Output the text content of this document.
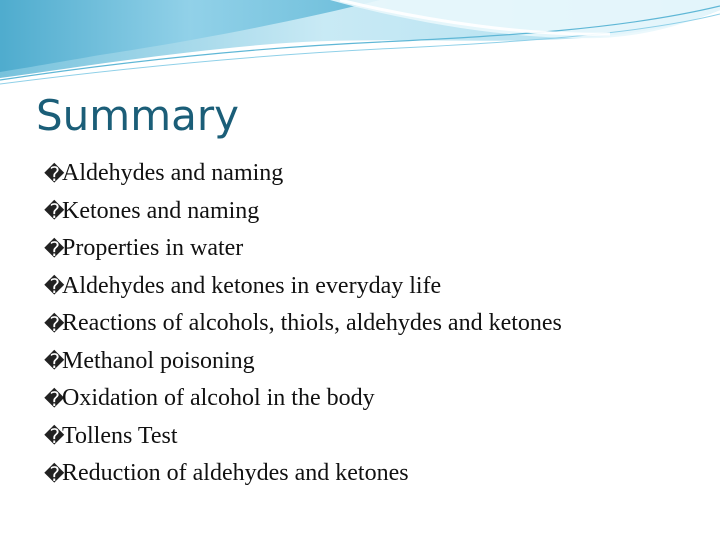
Summary
�
Aldehydes and naming
�
Ketones and naming
�
Properties in water
�
Aldehydes and ketones in everyday life
�
Reactions of alcohols, thiols, aldehydes and ketones
�
Methanol poisoning
�
Oxidation of alcohol in the body
�
Tollens Test
�
Reduction of aldehydes and ketones
